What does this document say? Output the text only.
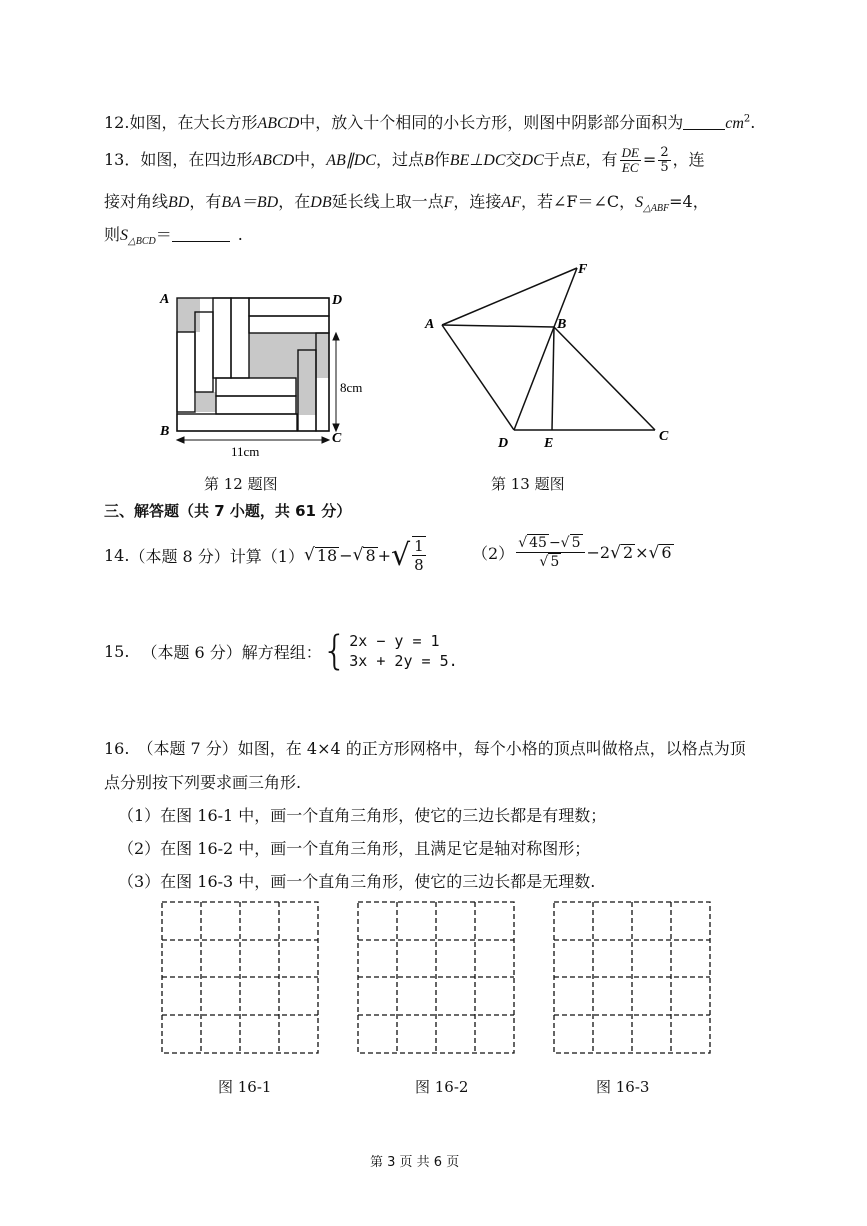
12.如图，在大长方形ABCD中，放入十个相同的小长方形，则图中阴影部分面积为	$cm^2$.
13．如图，在四边形ABCD中，AB∥DC，过点B作BE⊥DC交DC于点E，有 $\frac{DE}{EC} = \frac{2}{5}$ ，连
接对角线BD，有BA＝BD，在DB延长线上取一点F，连接AF，若∠F＝∠C，$S_{\triangle ABF}=4$，
则$S_{\triangle BCD}=$	.
A	D
B	C
11cm
8cm
第 12 题图
A	B
F
D	E	C
第 13 题图
三、解答题（共 7 小题，共 61 分）
14. （本题 8 分）计算（1） √ 18 − √ 8 + √ $\frac{1}{8}$	$(2) \frac{√ 45 -√ 5}{√ 5} -2$ √ 2 × √ 6
15. （本题 6 分）解方程组： { 2x − y = 1
3x + 2y = 5.
16. （本题 7 分）如图，在 4×4 的正方形网格中，每个小格的顶点叫做格点，以格点为顶
点分别按下列要求画三角形.
（1）在图 16-1 中，画一个直角三角形，使它的三边长都是有理数；
（2）在图 16-2 中，画一个直角三角形，且满足它是轴对称图形；
（3）在图 16-3 中，画一个直角三角形，使它的三边长都是无理数.
图 16-1	图 16-2	图 16-3
第 3 页 共 6 页
